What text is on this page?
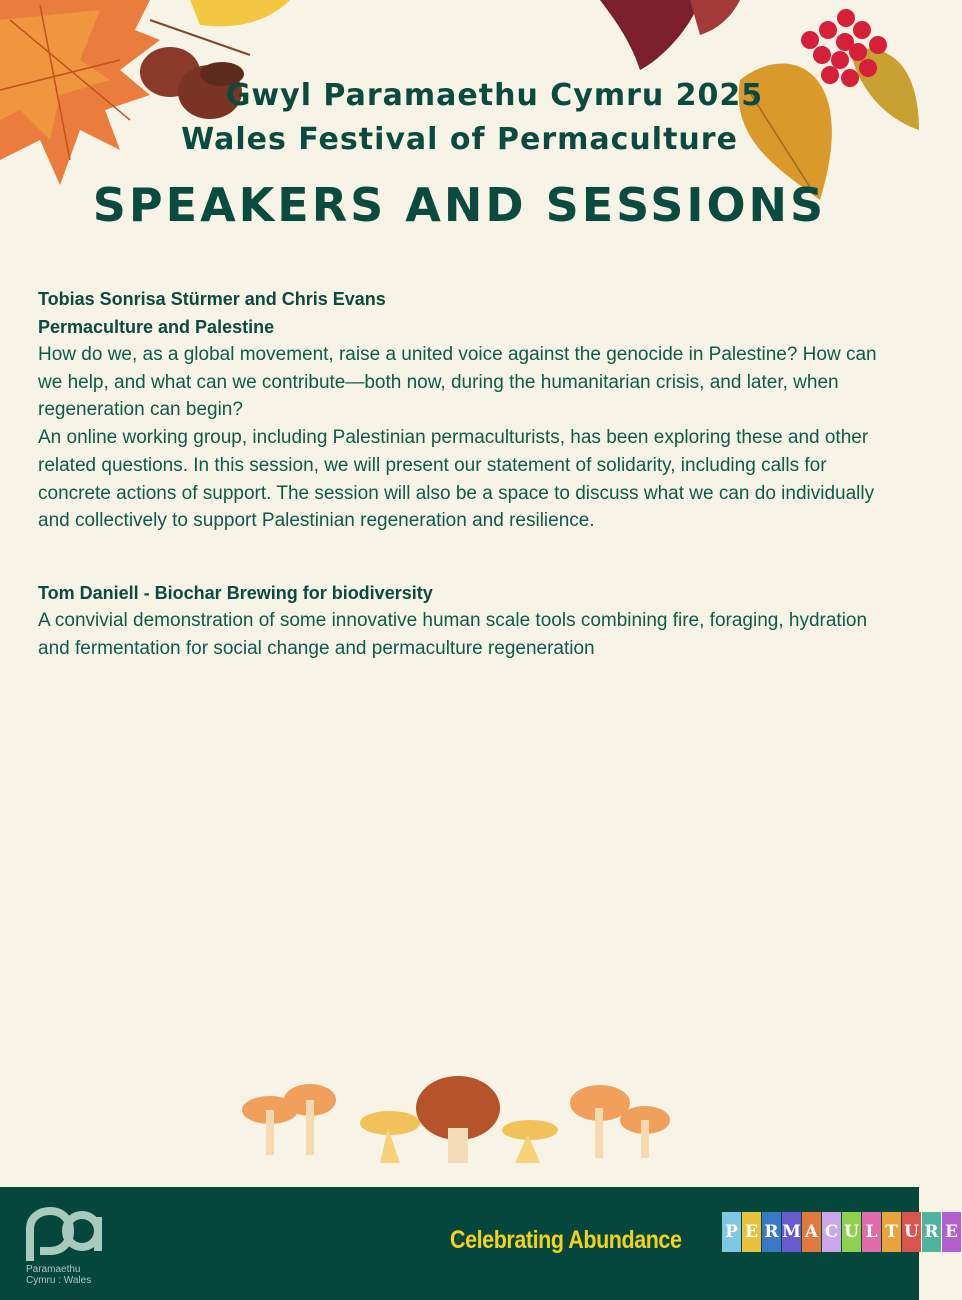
Gwyl Paramaethu Cymru 2025
Wales Festival of Permaculture
SPEAKERS AND SESSIONS
Tobias Sonrisa Stürmer and Chris Evans
Permaculture and Palestine
How do we, as a global movement, raise a united voice against the genocide in Palestine? How can we help, and what can we contribute—both now, during the humanitarian crisis, and later, when regeneration can begin?
An online working group, including Palestinian permaculturists, has been exploring these and other related questions. In this session, we will present our statement of solidarity, including calls for concrete actions of support. The session will also be a space to discuss what we can do individually and collectively to support Palestinian regeneration and resilience.
Tom Daniell - Biochar Brewing for biodiversity
A convivial demonstration of some innovative human scale tools combining fire, foraging, hydration and fermentation for social change and permaculture regeneration
Paramaethu
Cymru : Wales
Celebrating Abundance	P E R M A C U L T U R E
